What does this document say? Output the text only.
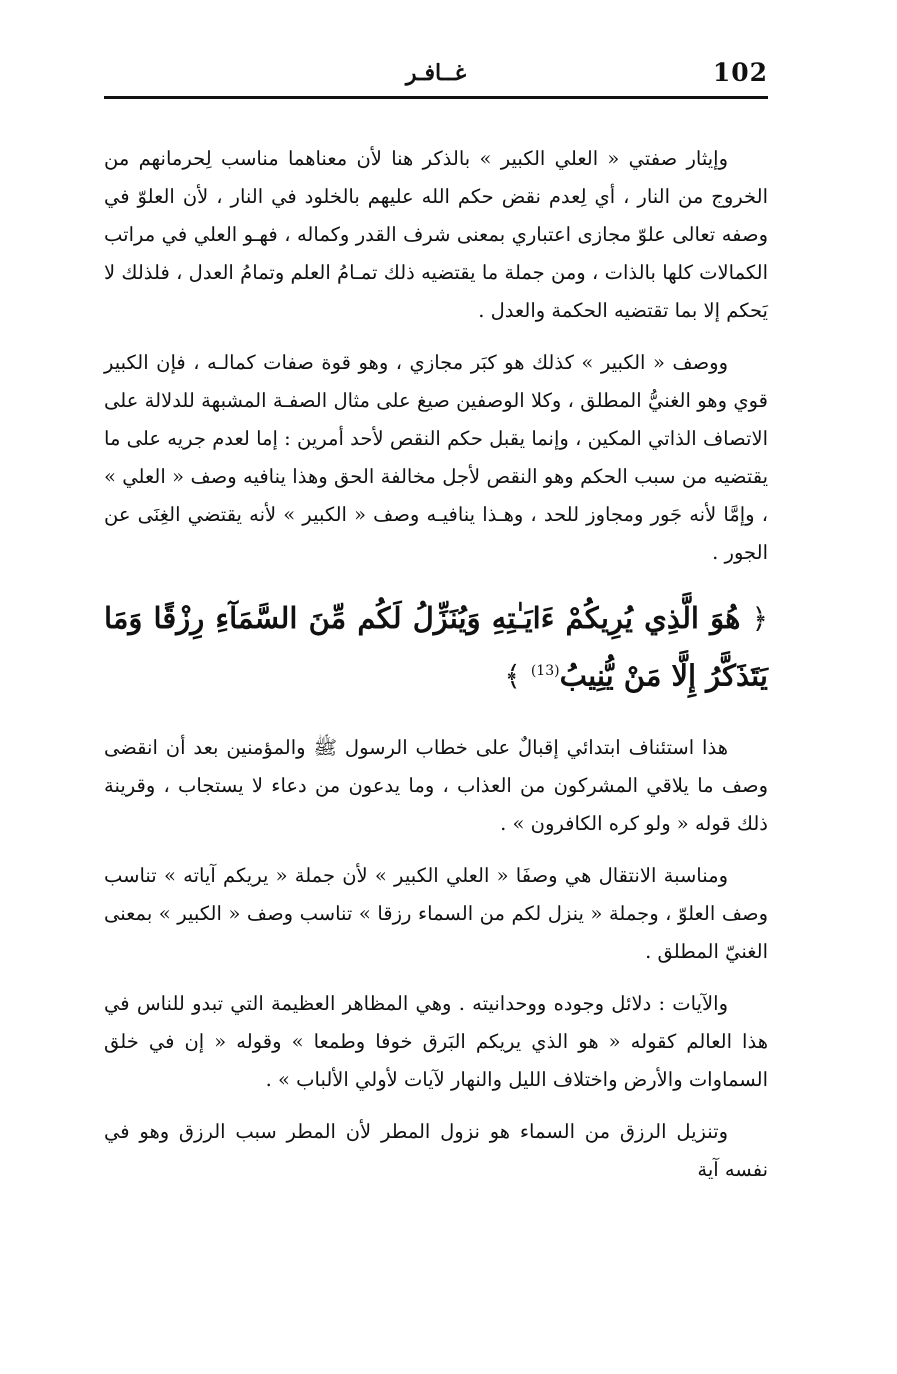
102
غــافـر

وإيثار صفتي « العلي الكبير » بالذكر هنا لأن معناهما مناسب لِحرمانهم من الخروج من النار ، أي لِعدم نقض حكم الله عليهم بالخلود في النار ، لأن العلوّ في وصفه تعالى علوّ مجازى اعتباري بمعنى شرف القدر وكماله ، فهـو العلي في مراتب الكمالات كلها بالذات ، ومن جملة ما يقتضيه ذلك تمـامُ العلم وتمامُ العدل ، فلذلك لا يَحكم إلا بما تقتضيه الحكمة والعدل .

ووصف « الكبير » كذلك هو كبَر مجازي ، وهو قوة صفات كمالـه ، فإن الكبير قوي وهو الغنيُّ المطلق ، وكلا الوصفين صيغ على مثال الصفـة المشبهة للدلالة على الاتصاف الذاتي المكين ، وإنما يقبل حكم النقص لأحد أمرين : إما لعدم جريه على ما يقتضيه من سبب الحكم وهو النقص لأجل مخالفة الحق وهذا ينافيه وصف « العلي » ، وإمَّا لأنه جَور ومجاوز للحد ، وهـذا ينافيـه وصف « الكبير » لأنه يقتضي الغِنَى عن الجور .

﴿ هُوَ الَّذِي يُرِيكُمْ ءَايَـٰتِهِ وَيُنَزِّلُ لَكُم مِّنَ السَّمَآءِ رِزْقًا وَمَا يَتَذَكَّرُ إِلَّا مَنْ يُّنِيبُ$^{(13)}$ ﴾

هذا استئناف ابتدائي إقبالٌ على خطاب الرسول ﷺ والمؤمنين بعد أن انقضى وصف ما يلاقي المشركون من العذاب ، وما يدعون من دعاء لا يستجاب ، وقرينة ذلك قوله « ولو كره الكافرون » .

ومناسبة الانتقال هي وصفَا « العلي الكبير » لأن جملة « يريكم آياته » تناسب وصف العلوّ ، وجملة « ينزل لكم من السماء رزقا » تناسب وصف « الكبير » بمعنى الغنيّ المطلق .

والآيات : دلائل وجوده ووحدانيته . وهي المظاهر العظيمة التي تبدو للناس في هذا العالم كقوله « هو الذي يريكم البَرق خوفا وطمعا » وقوله « إن في خلق السماوات والأرض واختلاف الليل والنهار لآيات لأولي الألباب » .

وتنزيل الرزق من السماء هو نزول المطر لأن المطر سبب الرزق وهو في نفسه آية
